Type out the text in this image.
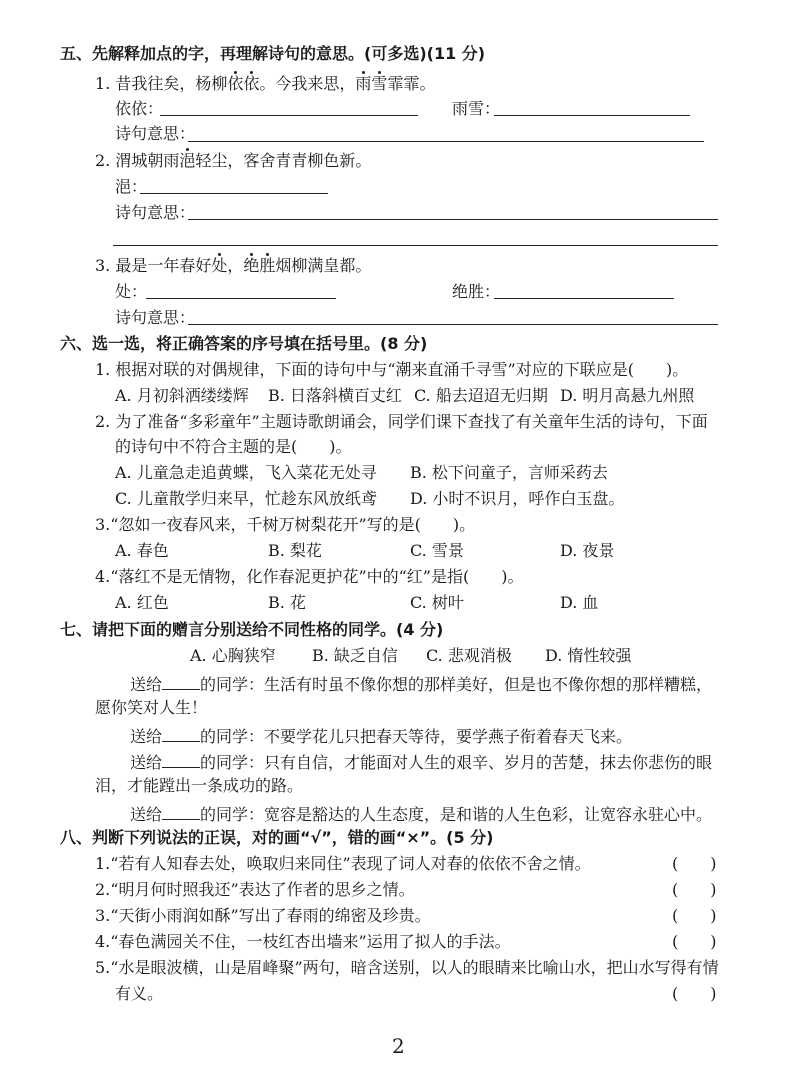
五、先解释加点的字，再理解诗句的意思。(可多选)(11 分)
1. 昔我往矣，杨柳依依。今我来思，雨雪霏霏。
依依：	雨雪：
诗句意思：
2. 渭城朝雨浥轻尘，客舍青青柳色新。
浥：
诗句意思：
3. 最是一年春好处，绝胜烟柳满皇都。
处：	绝胜：
诗句意思：
六、选一选，将正确答案的序号填在括号里。(8 分)
1. 根据对联的对偶规律，下面的诗句中与“潮来直涌千寻雪”对应的下联应是(　　)。
A. 月初斜洒缕缕辉 B. 日落斜横百丈红 C. 船去迢迢无归期 D. 明月高悬九州照
2. 为了准备“多彩童年”主题诗歌朗诵会，同学们课下查找了有关童年生活的诗句，下面
的诗句中不符合主题的是(　　)。
A. 儿童急走追黄蝶，飞入菜花无处寻 B. 松下问童子，言师采药去
C. 儿童散学归来早，忙趁东风放纸鸢 D. 小时不识月，呼作白玉盘。
3.“忽如一夜春风来，千树万树梨花开”写的是(　　)。
A. 春色	B. 梨花	C. 雪景	D. 夜景
4.“落红不是无情物，化作春泥更护花”中的“红”是指(　　)。
A. 红色	B. 花	C. 树叶	D. 血
七、请把下面的赠言分别送给不同性格的同学。(4 分)
A. 心胸狭窄 B. 缺乏自信 C. 悲观消极 D. 惰性较强
送给 的同学：生活有时虽不像你想的那样美好，但是也不像你想的那样糟糕，
愿你笑对人生！
送给 的同学：不要学花儿只把春天等待，要学燕子衔着春天飞来。
送给 的同学：只有自信，才能面对人生的艰辛、岁月的苦楚，抹去你悲伤的眼
泪，才能蹚出一条成功的路。
送给 的同学：宽容是豁达的人生态度，是和谐的人生色彩，让宽容永驻心中。
八、判断下列说法的正误，对的画“√”，错的画“×”。(5 分)
1.“若有人知春去处，唤取归来同住”表现了词人对春的依依不舍之情。	(　　)
2.“明月何时照我还”表达了作者的思乡之情。	(　　)
3.“天街小雨润如酥”写出了春雨的绵密及珍贵。	(　　)
4.“春色满园关不住，一枝红杏出墙来”运用了拟人的手法。	(　　)
5.“水是眼波横，山是眉峰聚”两句，暗含送别，以人的眼睛来比喻山水，把山水写得有情
有义。	(　　)
2
